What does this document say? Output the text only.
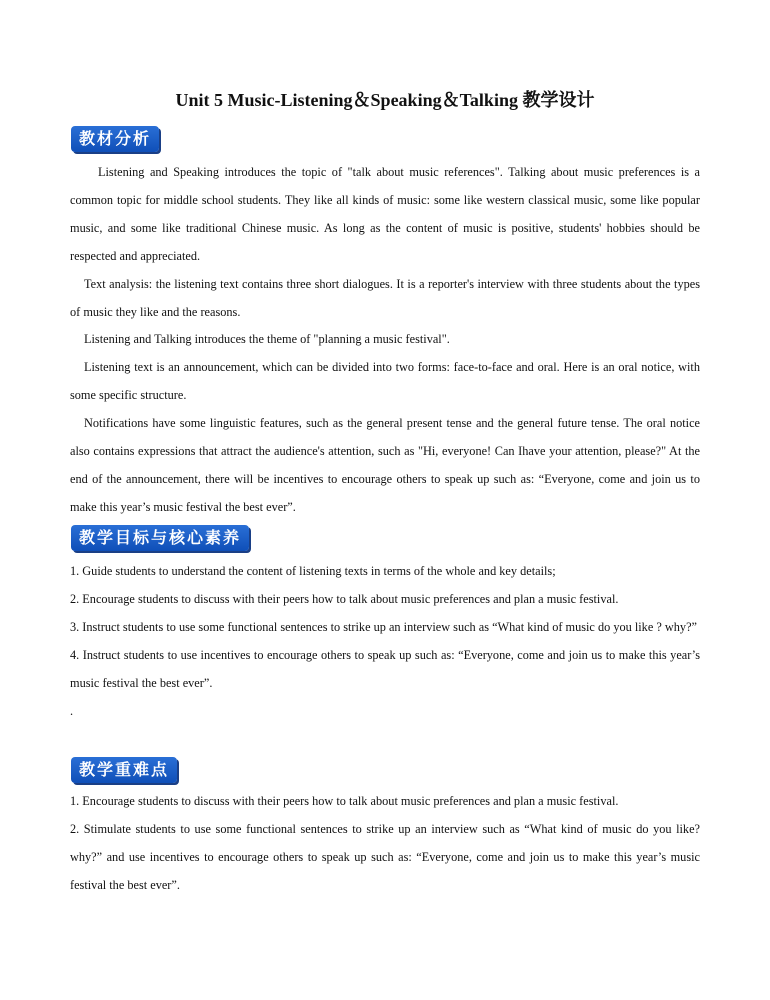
Unit 5 Music-Listening＆Speaking＆Talking 教学设计
教材分析

Listening and Speaking introduces the topic of "talk about music references". Talking about music preferences is a common topic for middle school students. They like all kinds of music: some like western classical music, some like popular music, and some like traditional Chinese music. As long as the content of music is positive, students' hobbies should be respected and appreciated.

Text analysis: the listening text contains three short dialogues. It is a reporter's interview with three students about the types of music they like and the reasons.

Listening and Talking introduces the theme of "planning a music festival".

Listening text is an announcement, which can be divided into two forms: face-to-face and oral. Here is an oral notice, with some specific structure.

Notifications have some linguistic features, such as the general present tense and the general future tense. The oral notice also contains expressions that attract the audience's attention, such as "Hi, everyone! Can Ihave your attention, please?" At the end of the announcement, there will be incentives to encourage others to speak up such as: “Everyone, come and join us to make this year’s music festival the best ever”.

教学目标与核心素养

1. Guide students to understand the content of listening texts in terms of the whole and key details;

2. Encourage students to discuss with their peers how to talk about music preferences and plan a music festival.

3. Instruct students to use some functional sentences to strike up an interview such as “What kind of music do you like ? why?”

4. Instruct students to use incentives to encourage others to speak up such as: “Everyone, come and join us to make this year’s music festival the best ever”.

.

教学重难点

1. Encourage students to discuss with their peers how to talk about music preferences and plan a music festival.

2. Stimulate students to use some functional sentences to strike up an interview such as “What kind of music do you like? why?” and use incentives to encourage others to speak up such as: “Everyone, come and join us to make this year’s music festival the best ever”.
